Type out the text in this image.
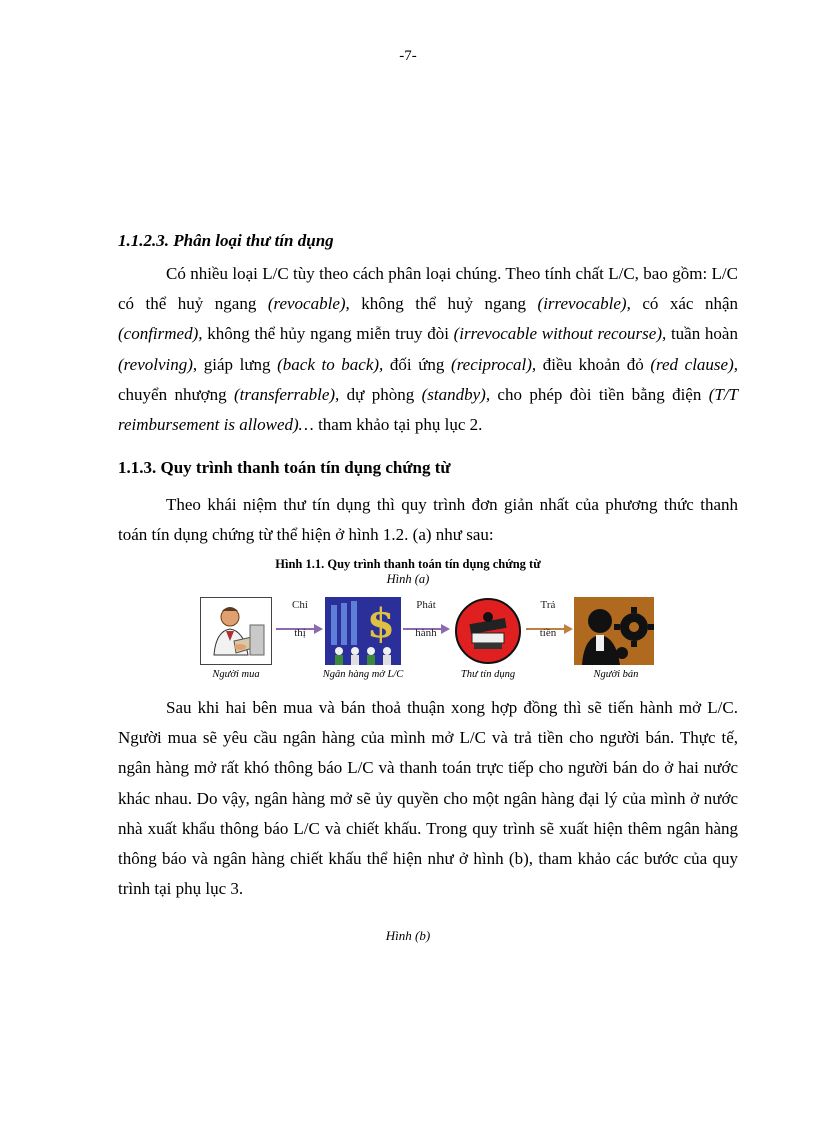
-7-
1.1.2.3. Phân loại thư tín dụng

Có nhiều loại L/C tùy theo cách phân loại chúng. Theo tính chất L/C, bao gồm: L/C có thể huỷ ngang (revocable), không thể huỷ ngang (irrevocable), có xác nhận (confirmed), không thể hủy ngang miễn truy đòi (irrevocable without recourse), tuần hoàn (revolving), giáp lưng (back to back), đối ứng (reciprocal), điều khoản đỏ (red clause), chuyển nhượng (transferrable), dự phòng (standby), cho phép đòi tiền bằng điện (T/T reimbursement is allowed)… tham khảo tại phụ lục 2.

1.1.3. Quy trình thanh toán tín dụng chứng từ

Theo khái niệm thư tín dụng thì quy trình đơn giản nhất của phương thức thanh toán tín dụng chứng từ thể hiện ở hình 1.2. (a) như sau:

Hình 1.1. Quy trình thanh toán tín dụng chứng từ
Hình (a)
Người mua
Chỉ
thị	$
Ngân hàng mở L/C
Phát
hành
Thư tín dụng
Trả
tiền
Người bán

Sau khi hai bên mua và bán thoả thuận xong hợp đồng thì sẽ tiến hành mở L/C. Người mua sẽ yêu cầu ngân hàng của mình mở L/C và trả tiền cho người bán. Thực tế, ngân hàng mở rất khó thông báo L/C và thanh toán trực tiếp cho người bán do ở hai nước khác nhau. Do vậy, ngân hàng mở sẽ ủy quyền cho một ngân hàng đại lý của mình ở nước nhà xuất khẩu thông báo L/C và chiết khấu. Trong quy trình sẽ xuất hiện thêm ngân hàng thông báo và ngân hàng chiết khấu thể hiện như ở hình (b), tham khảo các bước của quy trình tại phụ lục 3.

Hình (b)
